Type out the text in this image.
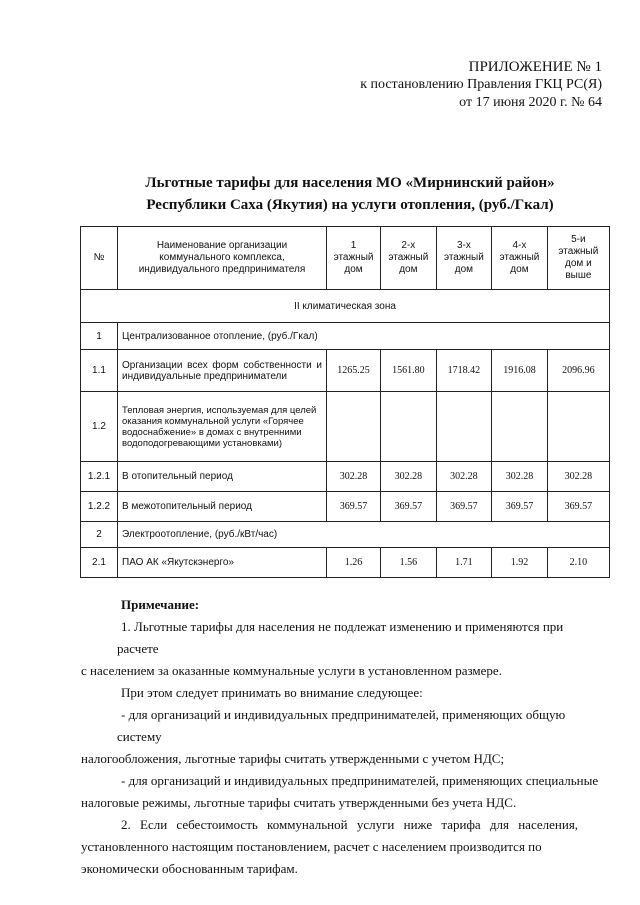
ПРИЛОЖЕНИЕ № 1
к постановлению Правления ГКЦ РС(Я)
от 17 июня 2020 г. № 64
Льготные тарифы для населения МО «Мирнинский район»
Республики Саха (Якутия) на услуги отопления, (руб./Гкал)
№	Наименование организации коммунального комплекса, индивидуального предпринимателя	1 этажный дом	2-х этажный дом	3-х этажный дом	4-х этажный дом	5-и этажный дом и выше
II климатическая зона						
1	Централизованное отопление, (руб./Гкал)					
1.1	Организации всех форм собственности и индивидуальные предприниматели	1265.25	1561.80	1718.42	1916.08	2096.96
1.2	Тепловая энергия, используемая для целей оказания коммунальной услуги «Горячее водоснабжение» в домах с внутренними водоподогревающими установками)					
1.2.1	В отопительный период	302.28	302.28	302.28	302.28	302.28
1.2.2	В межотопительный период	369.57	369.57	369.57	369.57	369.57
2	Электроотопление, (руб./кВт/час)					
2.1	ПАО АК «Якутскэнерго»	1.26	1.56	1.71	1.92	2.10

Примечание:

1. Льготные тарифы для населения не подлежат изменению и применяются при расчете

с населением за оказанные коммунальные услуги в установленном размере.

При этом следует принимать во внимание следующее:

- для организаций и индивидуальных предпринимателей, применяющих общую систему

налогообложения, льготные тарифы считать утвержденными с учетом НДС;

- для организаций и индивидуальных предпринимателей, применяющих специальные

налоговые режимы, льготные тарифы считать утвержденными без учета НДС.

2. Если себестоимость коммунальной услуги ниже тарифа для населения,

установленного настоящим постановлением, расчет с населением производится по

экономически обоснованным тарифам.
